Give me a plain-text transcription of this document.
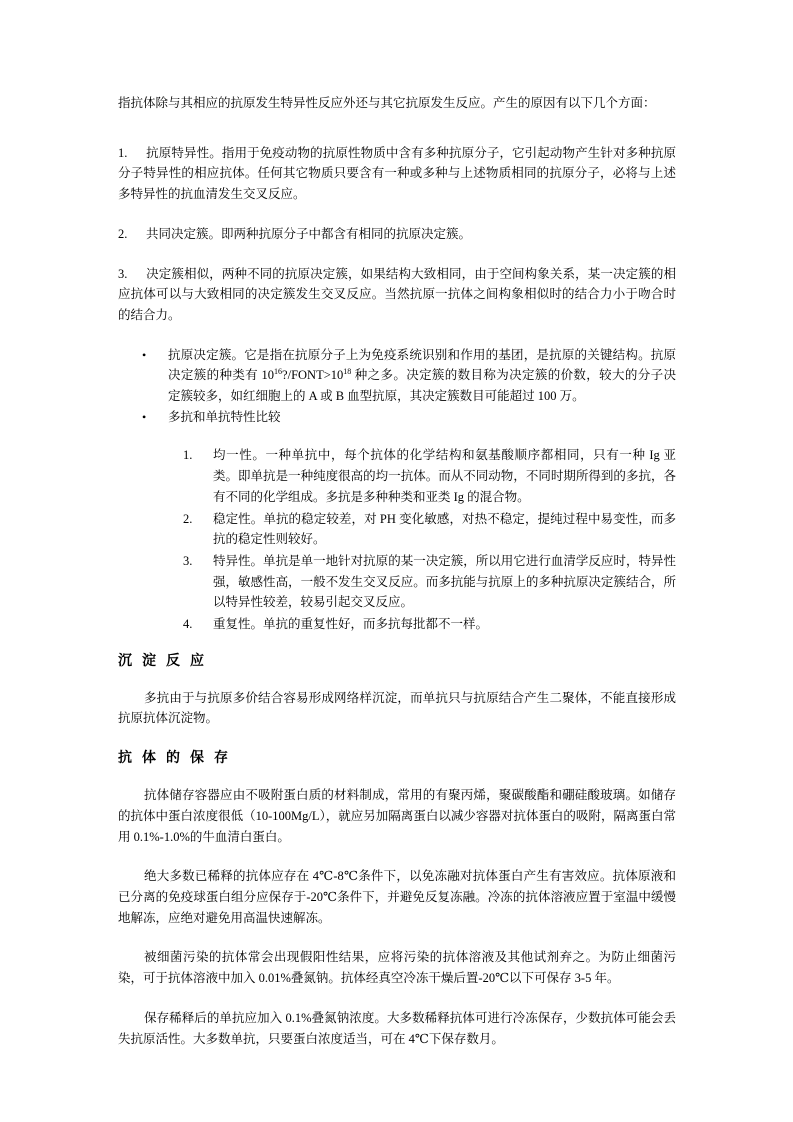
指抗体除与其相应的抗原发生特异性反应外还与其它抗原发生反应。产生的原因有以下几个方面：

1. 抗原特异性。指用于免疫动物的抗原性物质中含有多种抗原分子，它引起动物产生针对多种抗原分子特异性的相应抗体。任何其它物质只要含有一种或多种与上述物质相同的抗原分子，必将与上述多特异性的抗血清发生交叉反应。
2. 共同决定簇。即两种抗原分子中都含有相同的抗原决定簇。
3. 决定簇相似，两种不同的抗原决定簇，如果结构大致相同，由于空间构象关系，某一决定簇的相应抗体可以与大致相同的决定簇发生交叉反应。当然抗原一抗体之间构象相似时的结合力小于吻合时的结合力。
• 抗原决定簇。它是指在抗原分子上为免疫系统识别和作用的基团，是抗原的关键结构。抗原决定簇的种类有 $10^{16}?/FONT>10^{18}$ 种之多。决定簇的数目称为决定簇的价数，较大的分子决定簇较多，如红细胞上的 A 或 B 血型抗原，其决定簇数目可能超过 100 万。
• 多抗和单抗特性比较
1.	均一性。一种单抗中，每个抗体的化学结构和氨基酸顺序都相同，只有一种 Ig 亚类。即单抗是一种纯度很高的均一抗体。而从不同动物，不同时期所得到的多抗，各有不同的化学组成。多抗是多种种类和亚类 Ig 的混合物。
2.	稳定性。单抗的稳定较差，对 PH 变化敏感，对热不稳定，提纯过程中易变性，而多抗的稳定性则较好。
3.	特异性。单抗是单一地针对抗原的某一决定簇，所以用它进行血清学反应时，特异性强，敏感性高，一般不发生交叉反应。而多抗能与抗原上的多种抗原决定簇结合，所以特异性较差，较易引起交叉反应。
4.	重复性。单抗的重复性好，而多抗每批都不一样。
沉淀反应

多抗由于与抗原多价结合容易形成网络样沉淀，而单抗只与抗原结合产生二聚体，不能直接形成抗原抗体沉淀物。

抗体的保存

抗体储存容器应由不吸附蛋白质的材料制成，常用的有聚丙烯，聚碳酸酯和硼硅酸玻璃。如储存的抗体中蛋白浓度很低（10-100Mg/L），就应另加隔离蛋白以减少容器对抗体蛋白的吸附，隔离蛋白常用 0.1%-1.0%的牛血清白蛋白。

绝大多数已稀释的抗体应存在 4℃-8℃条件下，以免冻融对抗体蛋白产生有害效应。抗体原液和已分离的免疫球蛋白组分应保存于-20℃条件下，并避免反复冻融。冷冻的抗体溶液应置于室温中缓慢地解冻，应绝对避免用高温快速解冻。

被细菌污染的抗体常会出现假阳性结果，应将污染的抗体溶液及其他试剂弃之。为防止细菌污染，可于抗体溶液中加入 0.01%叠氮钠。抗体经真空冷冻干燥后置-20℃以下可保存 3-5 年。

保存稀释后的单抗应加入 0.1%叠氮钠浓度。大多数稀释抗体可进行冷冻保存，少数抗体可能会丢失抗原活性。大多数单抗，只要蛋白浓度适当，可在 4℃下保存数月。
